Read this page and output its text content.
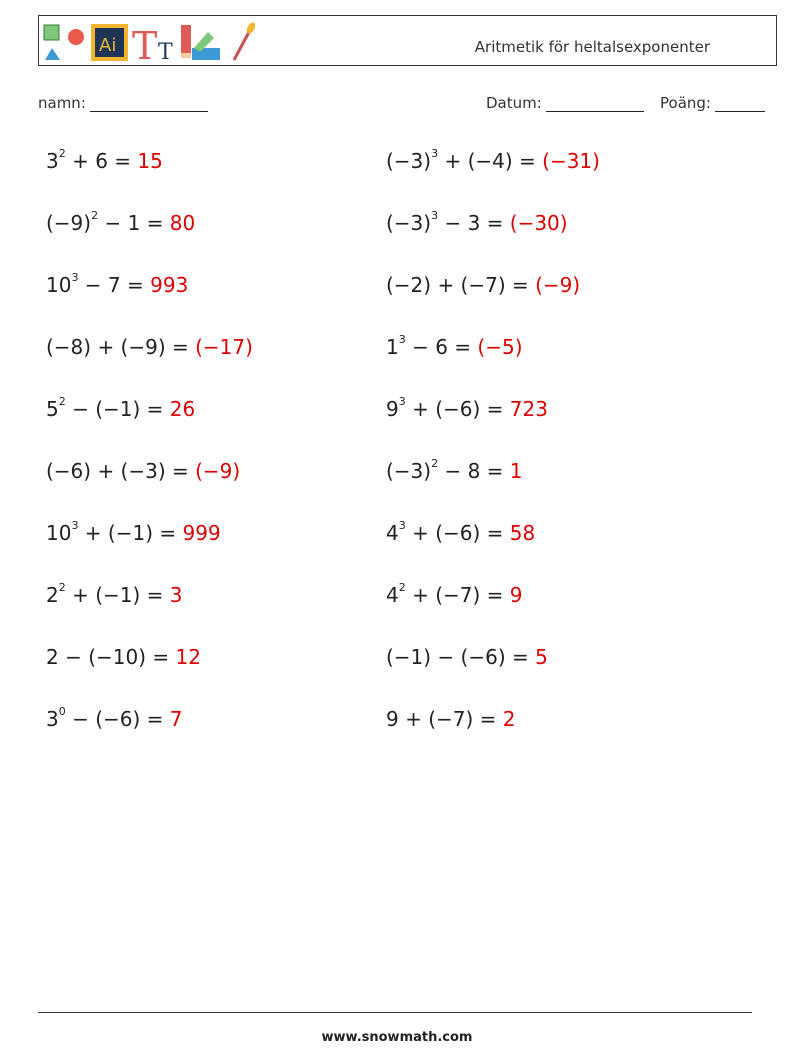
Ai T T	Aritmetik för heltalsexponenter
namn:	Datum:	Poäng:
$3^2 + 6 = 15$	$(-3)^3 + (-4) = (-31)$
$(-9)^2 - 1 = 80$	$(-3)^3 - 3 = (-30)$
$10^3 - 7 = 993$	(−2) + (−7) = (−9)
(−8) + (−9) = (−17)	$1^3 - 6 = (-5)$
$5^2 - (-1) = 26$	$9^3 + (-6) = 723$
(−6) + (−3) = (−9)	$(-3)^2 - 8 = 1$
$10^3 + (-1) = 999$	$4^3 + (-6) = 58$
$2^2 + (-1) = 3$	$4^2 + (-7) = 9$
2 − (−10) = 12	(−1) − (−6) = 5
$3^0 - (-6) = 7$	9 + (−7) = 2
www.snowmath.com
